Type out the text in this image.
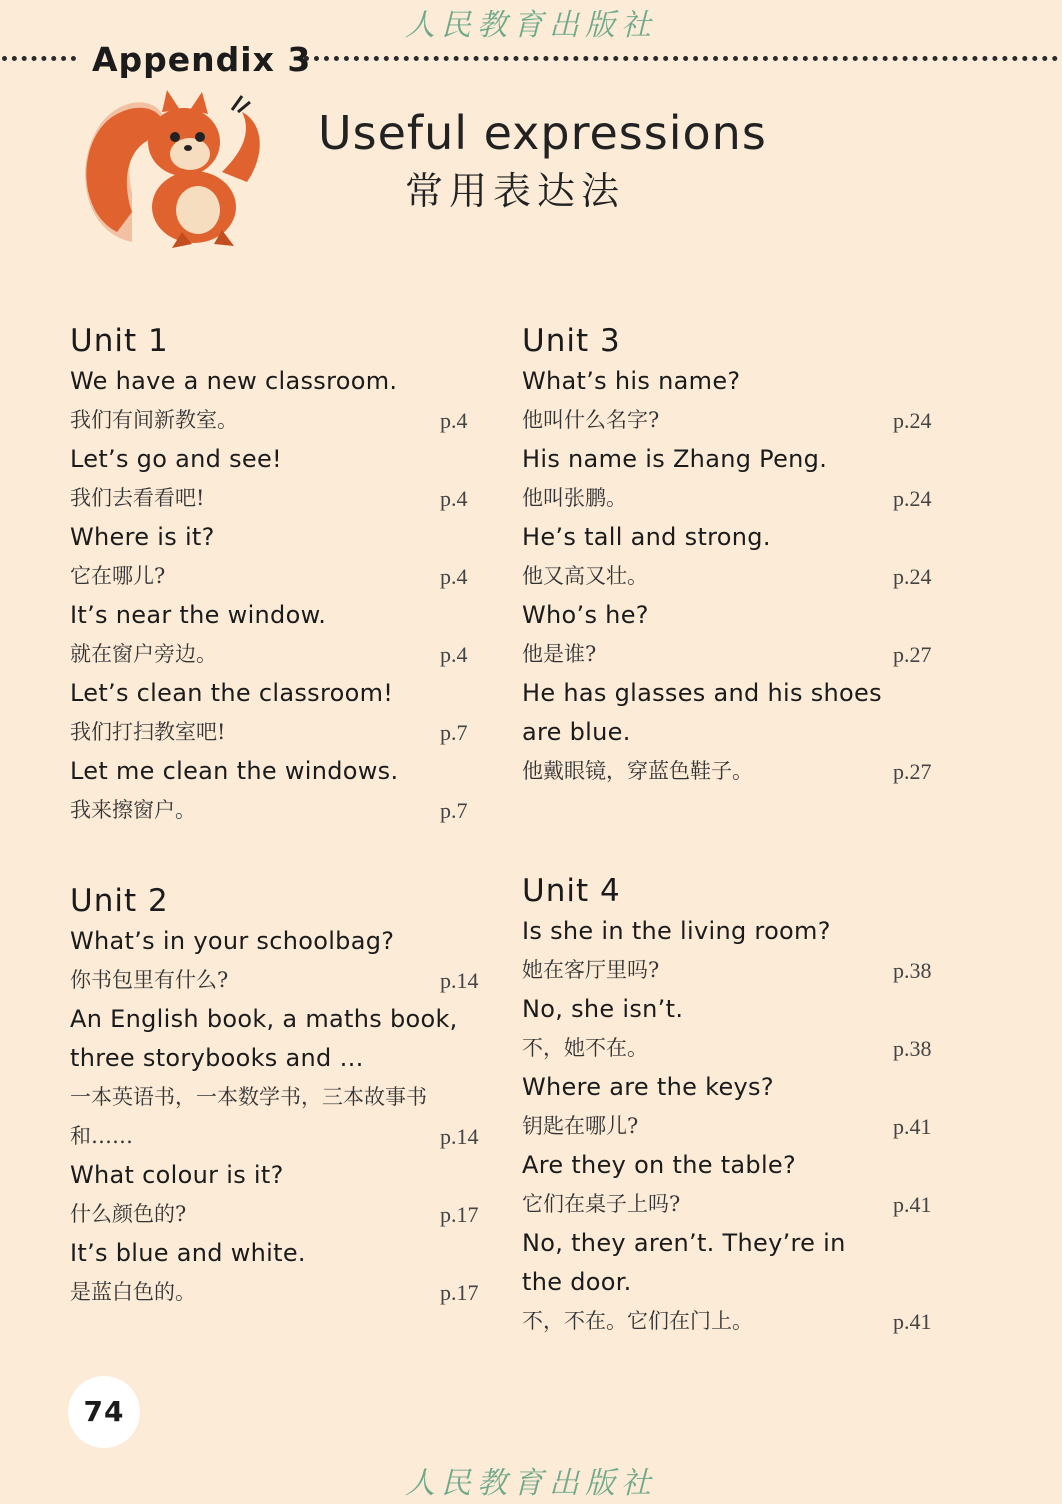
人民教育出版社
Appendix 3
Useful expressions
常用表达法
Unit 1
We have a new classroom.
我们有间新教室。	p.4
Let’s go and see!
我们去看看吧!	p.4
Where is it?
它在哪儿?	p.4
It’s near the window.
就在窗户旁边。	p.4
Let’s clean the classroom!
我们打扫教室吧!	p.7
Let me clean the windows.
我来擦窗户。	p.7
Unit 2
What’s in your schoolbag?
你书包里有什么?	p.14
An English book, a maths book,
three storybooks and …
一本英语书，一本数学书，三本故事书
和……	p.14
What colour is it?
什么颜色的?	p.17
It’s blue and white.
是蓝白色的。	p.17
Unit 3
What’s his name?
他叫什么名字?	p.24
His name is Zhang Peng.
他叫张鹏。	p.24
He’s tall and strong.
他又高又壮。	p.24
Who’s he?
他是谁?	p.27
He has glasses and his shoes
are blue.
他戴眼镜，穿蓝色鞋子。	p.27
Unit 4
Is she in the living room?
她在客厅里吗?	p.38
No, she isn’t.
不，她不在。	p.38
Where are the keys?
钥匙在哪儿?	p.41
Are they on the table?
它们在桌子上吗?	p.41
No, they aren’t. They’re in
the door.
不，不在。它们在门上。	p.41
74
人民教育出版社
